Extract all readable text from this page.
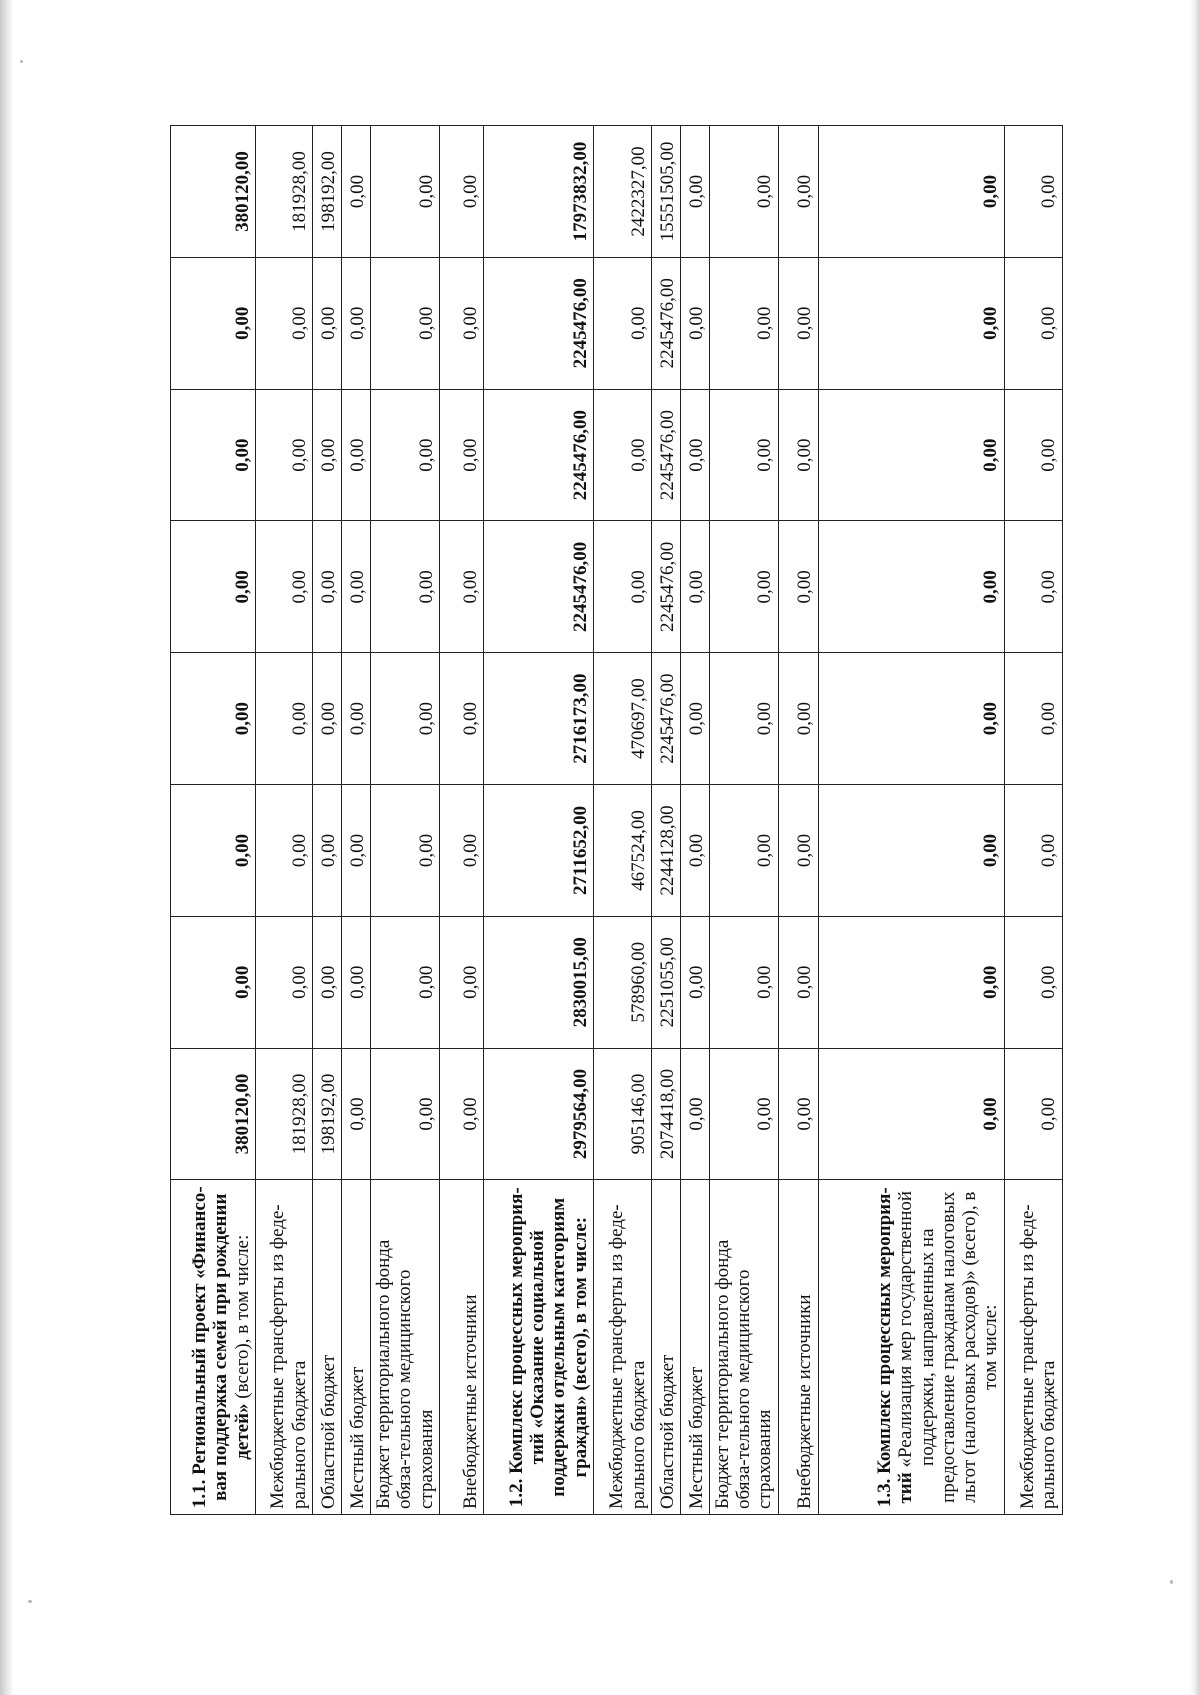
1.1. Региональный проект «Финансо-вая поддержка семей при рождении детей» (всего), в том числе:	380120,00	0,00	0,00	0,00	0,00	0,00	0,00	380120,00
Межбюджетные трансферты из феде-рального бюджета	181928,00	0,00	0,00	0,00	0,00	0,00	0,00	181928,00
Областной бюджет	198192,00	0,00	0,00	0,00	0,00	0,00	0,00	198192,00
Местный бюджет	0,00	0,00	0,00	0,00	0,00	0,00	0,00	0,00
Бюджет территориального фонда обяза-тельного медицинского страхования	0,00	0,00	0,00	0,00	0,00	0,00	0,00	0,00
Внебюджетные источники	0,00	0,00	0,00	0,00	0,00	0,00	0,00	0,00
1.2. Комплекс процессных мероприя-тий «Оказание социальной поддержки отдельным категориям граждан» (всего), в том числе:	2979564,00	2830015,00	2711652,00	2716173,00	2245476,00	2245476,00	2245476,00	17973832,00
Межбюджетные трансферты из феде-рального бюджета	905146,00	578960,00	467524,00	470697,00	0,00	0,00	0,00	2422327,00
Областной бюджет	2074418,00	2251055,00	2244128,00	2245476,00	2245476,00	2245476,00	2245476,00	15551505,00
Местный бюджет	0,00	0,00	0,00	0,00	0,00	0,00	0,00	0,00
Бюджет территориального фонда обяза-тельного медицинского страхования	0,00	0,00	0,00	0,00	0,00	0,00	0,00	0,00
Внебюджетные источники	0,00	0,00	0,00	0,00	0,00	0,00	0,00	0,00
1.3. Комплекс процессных мероприя-тий «Реализация мер государственной поддержки, направленных на предоставление гражданам налоговых льгот (налоговых расходов)» (всего), в том числе:	0,00	0,00	0,00	0,00	0,00	0,00	0,00	0,00
Межбюджетные трансферты из феде-рального бюджета	0,00	0,00	0,00	0,00	0,00	0,00	0,00	0,00
